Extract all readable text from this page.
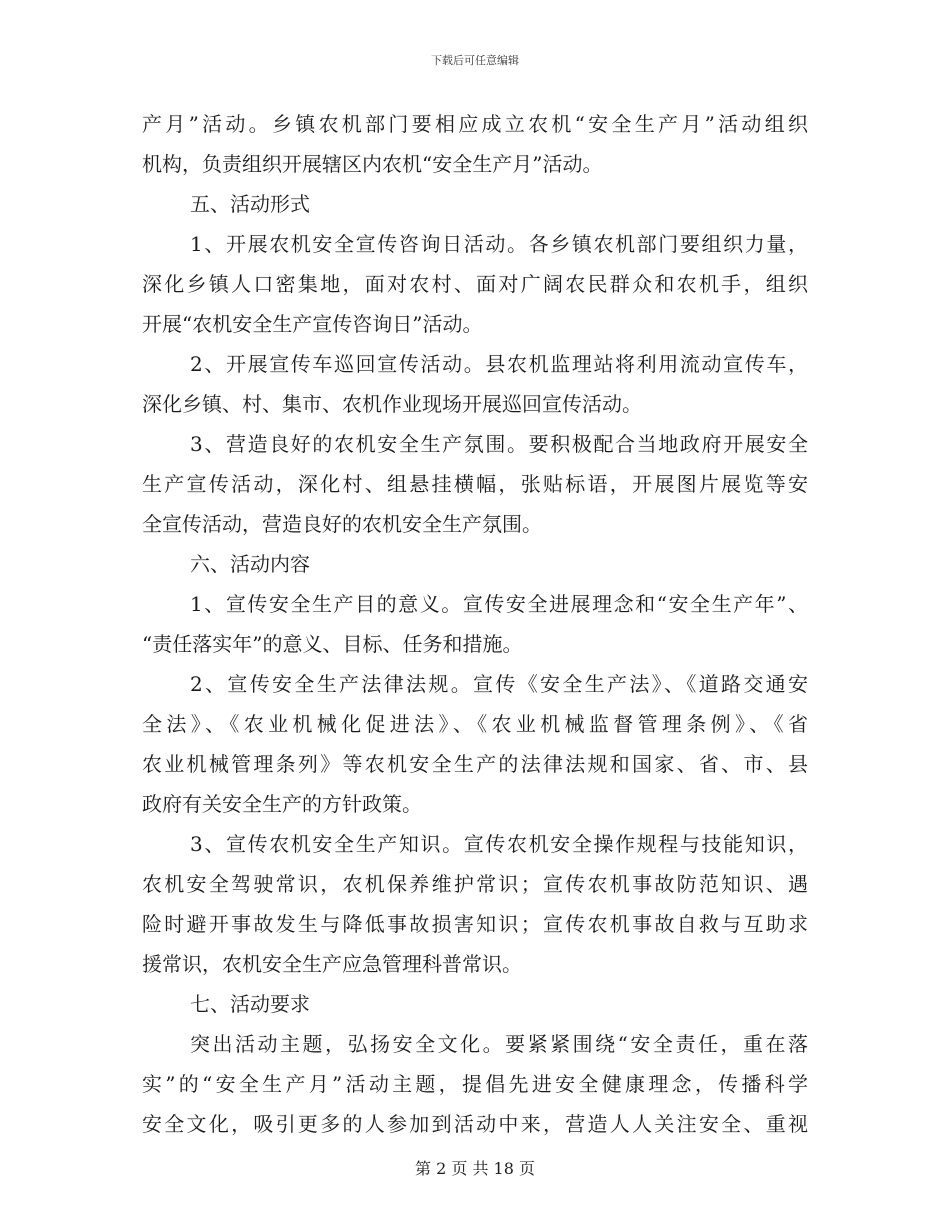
下载后可任意编辑
产月”活动。乡镇农机部门要相应成立农机“安全生产月”活动组织
机构，负责组织开展辖区内农机“安全生产月”活动。
五、活动形式
1、开展农机安全宣传咨询日活动。各乡镇农机部门要组织力量，
深化乡镇人口密集地，面对农村、面对广阔农民群众和农机手，组织
开展“农机安全生产宣传咨询日”活动。
2、开展宣传车巡回宣传活动。县农机监理站将利用流动宣传车，
深化乡镇、村、集市、农机作业现场开展巡回宣传活动。
3、营造良好的农机安全生产氛围。要积极配合当地政府开展安全
生产宣传活动，深化村、组悬挂横幅，张贴标语，开展图片展览等安
全宣传活动，营造良好的农机安全生产氛围。
六、活动内容
1、宣传安全生产目的意义。宣传安全进展理念和“安全生产年”、
“责任落实年”的意义、目标、任务和措施。
2、宣传安全生产法律法规。宣传《安全生产法》、《道路交通安
全法》、《农业机械化促进法》、《农业机械监督管理条例》、《省
农业机械管理条列》等农机安全生产的法律法规和国家、省、市、县
政府有关安全生产的方针政策。
3、宣传农机安全生产知识。宣传农机安全操作规程与技能知识，
农机安全驾驶常识，农机保养维护常识；宣传农机事故防范知识、遇
险时避开事故发生与降低事故损害知识；宣传农机事故自救与互助求
援常识，农机安全生产应急管理科普常识。
七、活动要求
突出活动主题，弘扬安全文化。要紧紧围绕“安全责任，重在落
实”的“安全生产月”活动主题，提倡先进安全健康理念，传播科学
安全文化，吸引更多的人参加到活动中来，营造人人关注安全、重视
第 2 页 共 18 页
